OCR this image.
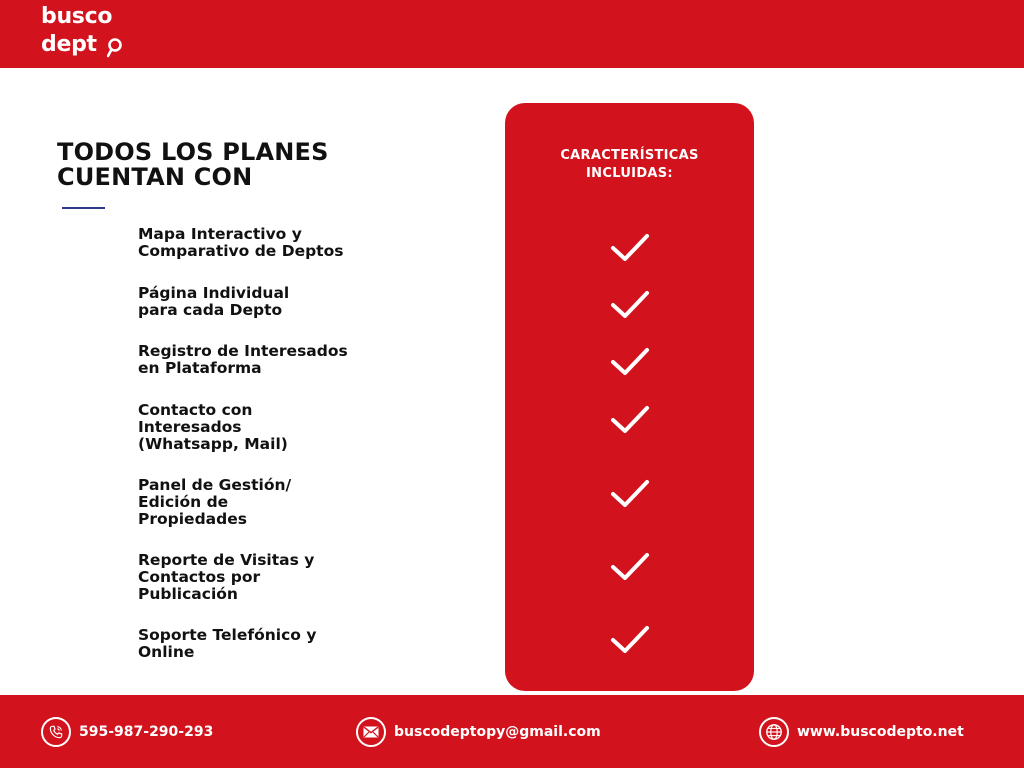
busco
dept
TODOS LOS PLANES
CUENTAN CON
Mapa Interactivo y
Comparativo de Deptos
Página Individual
para cada Depto
Registro de Interesados
en Plataforma
Contacto con
Interesados
(Whatsapp, Mail)
Panel de Gestión/
Edición de
Propiedades
Reporte de Visitas y
Contactos por
Publicación
Soporte Telefónico y
Online
CARACTERÍSTICAS
INCLUIDAS:
595-987-290-293	buscodeptopy@gmail.com	www.buscodepto.net
